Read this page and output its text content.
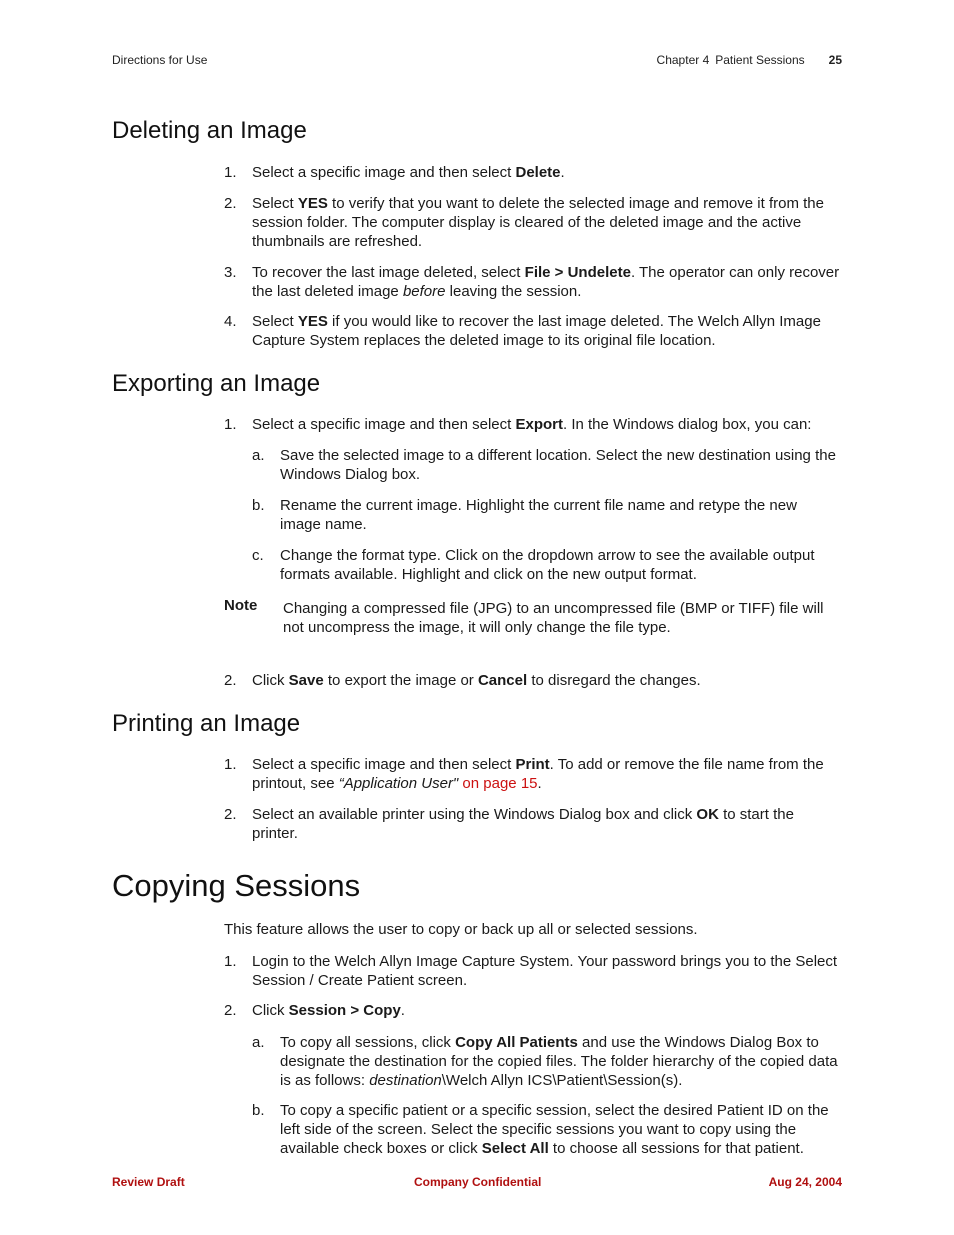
Directions for Use	Chapter 4 Patient Sessions 25
Deleting an Image
1. Select a specific image and then select Delete.
2. Select YES to verify that you want to delete the selected image and remove it from the session folder. The computer display is cleared of the deleted image and the active thumbnails are refreshed.
3. To recover the last image deleted, select File > Undelete. The operator can only recover the last deleted image before leaving the session.
4. Select YES if you would like to recover the last image deleted. The Welch Allyn Image Capture System replaces the deleted image to its original file location.
Exporting an Image
1. Select a specific image and then select Export. In the Windows dialog box, you can:
a. Save the selected image to a different location. Select the new destination using the Windows Dialog box.
b. Rename the current image. Highlight the current file name and retype the new image name.
c. Change the format type. Click on the dropdown arrow to see the available output formats available. Highlight and click on the new output format.
Note Changing a compressed file (JPG) to an uncompressed file (BMP or TIFF) file will not uncompress the image, it will only change the file type.
2. Click Save to export the image or Cancel to disregard the changes.
Printing an Image
1. Select a specific image and then select Print. To add or remove the file name from the printout, see “Application User" on page 15.
2. Select an available printer using the Windows Dialog box and click OK to start the printer.
Copying Sessions
This feature allows the user to copy or back up all or selected sessions.
1. Login to the Welch Allyn Image Capture System. Your password brings you to the Select Session / Create Patient screen.
2. Click Session > Copy.
a. To copy all sessions, click Copy All Patients and use the Windows Dialog Box to designate the destination for the copied files. The folder hierarchy of the copied data is as follows: destination\Welch Allyn ICS\Patient\Session(s).
b. To copy a specific patient or a specific session, select the desired Patient ID on the left side of the screen. Select the specific sessions you want to copy using the available check boxes or click Select All to choose all sessions for that patient.
Review Draft	Company Confidential	Aug 24, 2004
